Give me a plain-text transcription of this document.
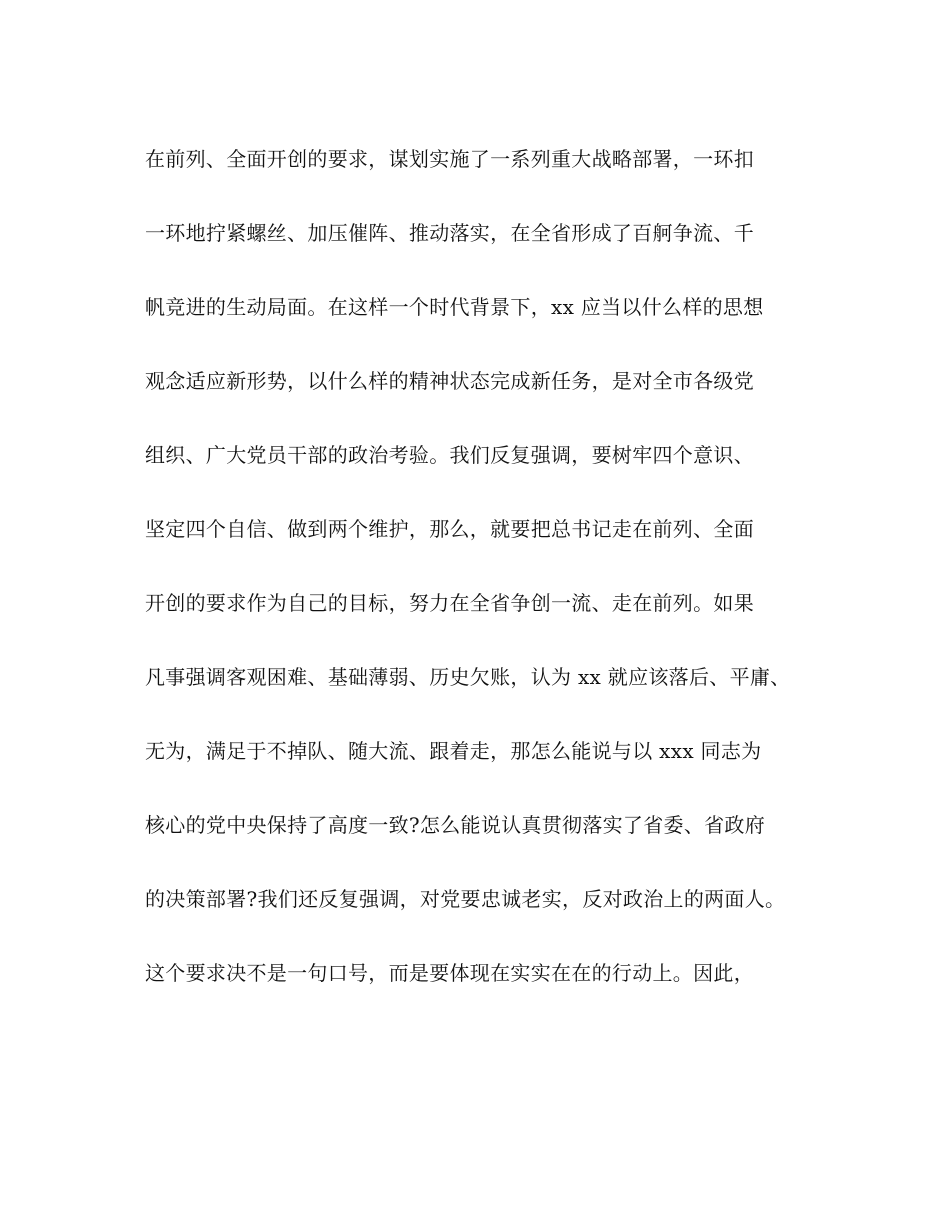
在前列、全面开创的要求，谋划实施了一系列重大战略部署，一环扣
一环地拧紧螺丝、加压催阵、推动落实，在全省形成了百舸争流、千
帆竞进的生动局面。在这样一个时代背景下，xx 应当以什么样的思想
观念适应新形势，以什么样的精神状态完成新任务，是对全市各级党
组织、广大党员干部的政治考验。我们反复强调，要树牢四个意识、
坚定四个自信、做到两个维护，那么，就要把总书记走在前列、全面
开创的要求作为自己的目标，努力在全省争创一流、走在前列。如果
凡事强调客观困难、基础薄弱、历史欠账，认为 xx 就应该落后、平庸、
无为，满足于不掉队、随大流、跟着走，那怎么能说与以 xxx 同志为
核心的党中央保持了高度一致?怎么能说认真贯彻落实了省委、省政府
的决策部署?我们还反复强调，对党要忠诚老实，反对政治上的两面人。
这个要求决不是一句口号，而是要体现在实实在在的行动上。因此，
